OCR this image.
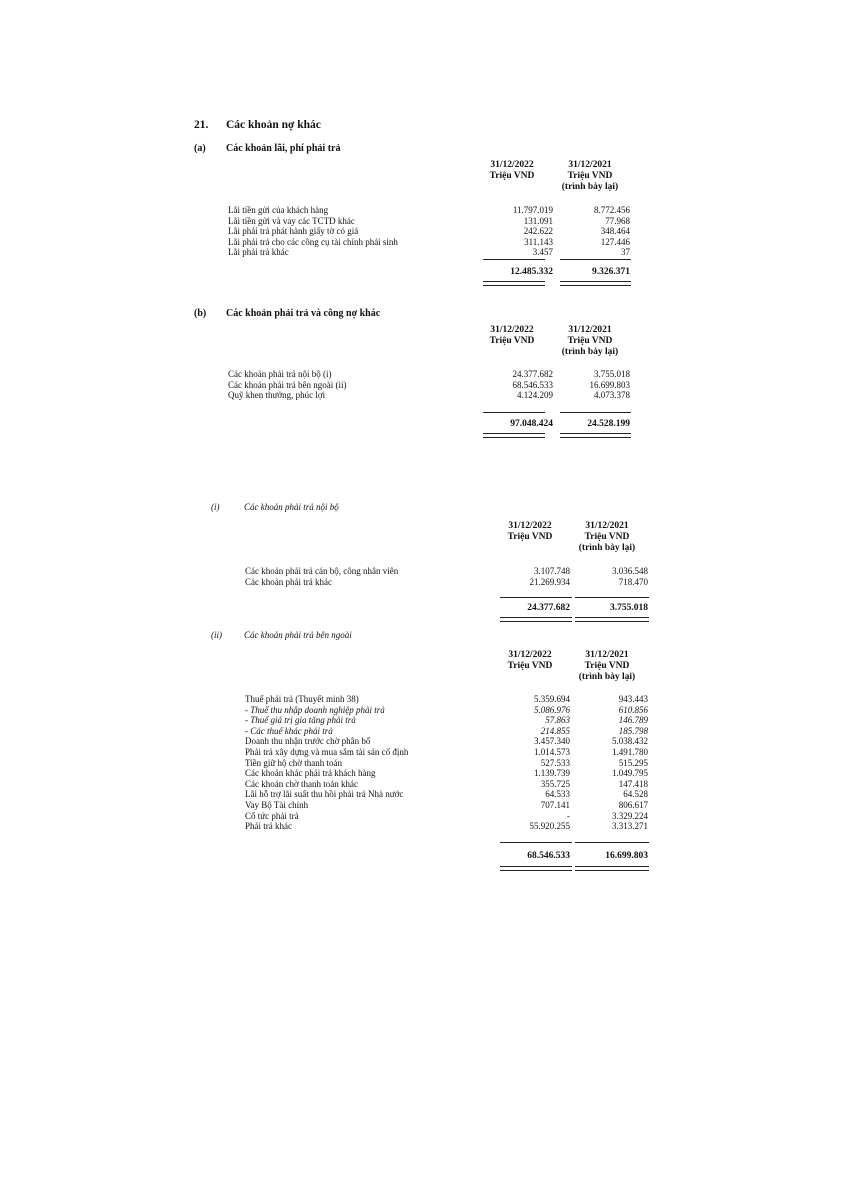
21. Các khoản nợ khác
(a) Các khoản lãi, phí phải trả
31/12/2022
Triệu VND
31/12/2021
Triệu VND
(trình bày lại)
Lãi tiền gửi của khách hàng	11.797.019	8.772.456
Lãi tiền gửi và vay các TCTD khác	131.091	77.968
Lãi phải trả phát hành giấy tờ có giá	242.622	348.464
Lãi phải trả cho các công cụ tài chính phái sinh	311.143	127.446
Lãi phải trả khác	3.457	37
12.485.332	9.326.371
(b) Các khoản phải trả và công nợ khác
31/12/2022
Triệu VND
31/12/2021
Triệu VND
(trình bày lại)
Các khoản phải trả nội bộ (i)	24.377.682	3.755.018
Các khoản phải trả bên ngoài (ii)	68.546.533	16.699.803
Quỹ khen thưởng, phúc lợi	4.124.209	4.073.378
97.048.424	24.528.199
(i)	Các khoản phải trả nội bộ
31/12/2022
Triệu VND
31/12/2021
Triệu VND
(trình bày lại)
Các khoản phải trả cán bộ, công nhân viên	3.107.748	3.036.548
Các khoản phải trả khác	21.269.934	718.470
24.377.682	3.755.018
(ii) Các khoản phải trả bên ngoài
31/12/2022
Triệu VND
31/12/2021
Triệu VND
(trình bày lại)
Thuế phải trả (Thuyết minh 38)	5.359.694	943.443
- Thuế thu nhập doanh nghiệp phải trả	5.086.976	610.856
- Thuế giá trị gia tăng phải trả	57.863	146.789
- Các thuế khác phải trả	214.855	185.798
Doanh thu nhận trước chờ phân bổ	3.457.340	5.038.432
Phải trả xây dựng và mua sắm tài sản cố định	1.014.573	1.491.780
Tiền giữ hộ chờ thanh toán	527.533	515.295
Các khoản khác phải trả khách hàng	1.139.739	1.049.795
Các khoản chờ thanh toán khác	355.725	147.418
Lãi hỗ trợ lãi suất thu hồi phải trả Nhà nước	64.533	64.528
Vay Bộ Tài chính	707.141	806.617
Cổ tức phải trả	-	3.329.224
Phải trả khác	55.920.255	3.313.271
68.546.533	16.699.803
